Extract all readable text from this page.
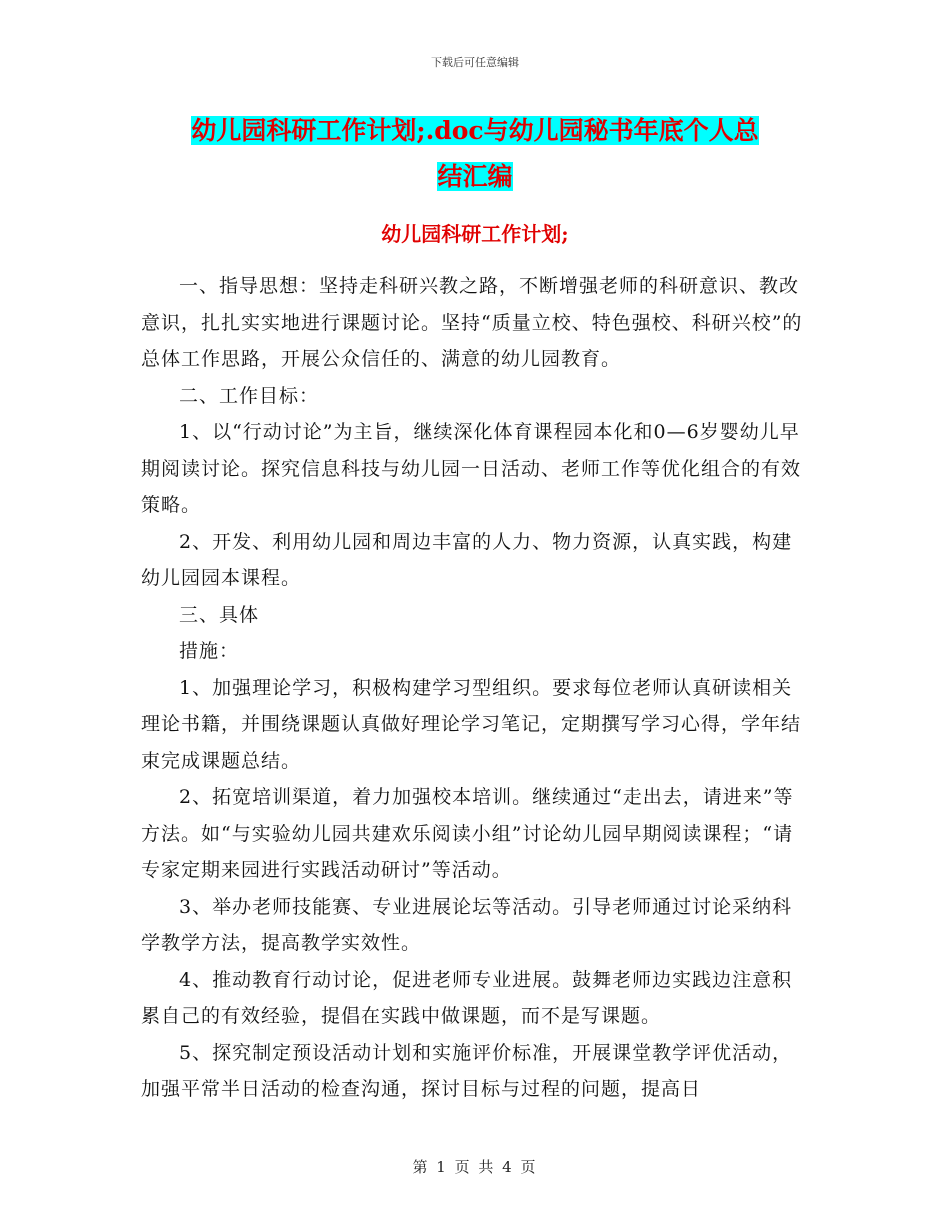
下载后可任意编辑
幼儿园科研工作计划;.doc与幼儿园秘书年底个人总
结汇编
幼儿园科研工作计划;

一、指导思想：坚持走科研兴教之路，不断增强老师的科研意识、教改意识，扎扎实实地进行课题讨论。坚持“质量立校、特色强校、科研兴校”的总体工作思路，开展公众信任的、满意的幼儿园教育。

二、工作目标：

1、以“行动讨论”为主旨，继续深化体育课程园本化和0—6岁婴幼儿早期阅读讨论。探究信息科技与幼儿园一日活动、老师工作等优化组合的有效策略。

2、开发、利用幼儿园和周边丰富的人力、物力资源，认真实践，构建幼儿园园本课程。

三、具体

措施：

1、加强理论学习，积极构建学习型组织。要求每位老师认真研读相关理论书籍，并围绕课题认真做好理论学习笔记，定期撰写学习心得，学年结束完成课题总结。

2、拓宽培训渠道，着力加强校本培训。继续通过“走出去，请进来”等方法。如“与实验幼儿园共建欢乐阅读小组”讨论幼儿园早期阅读课程；“请专家定期来园进行实践活动研讨”等活动。

3、举办老师技能赛、专业进展论坛等活动。引导老师通过讨论采纳科学教学方法，提高教学实效性。

4、推动教育行动讨论，促进老师专业进展。鼓舞老师边实践边注意积累自己的有效经验，提倡在实践中做课题，而不是写课题。

5、探究制定预设活动计划和实施评价标准，开展课堂教学评优活动，加强平常半日活动的检查沟通，探讨目标与过程的问题，提高日

第 1 页 共 4 页
